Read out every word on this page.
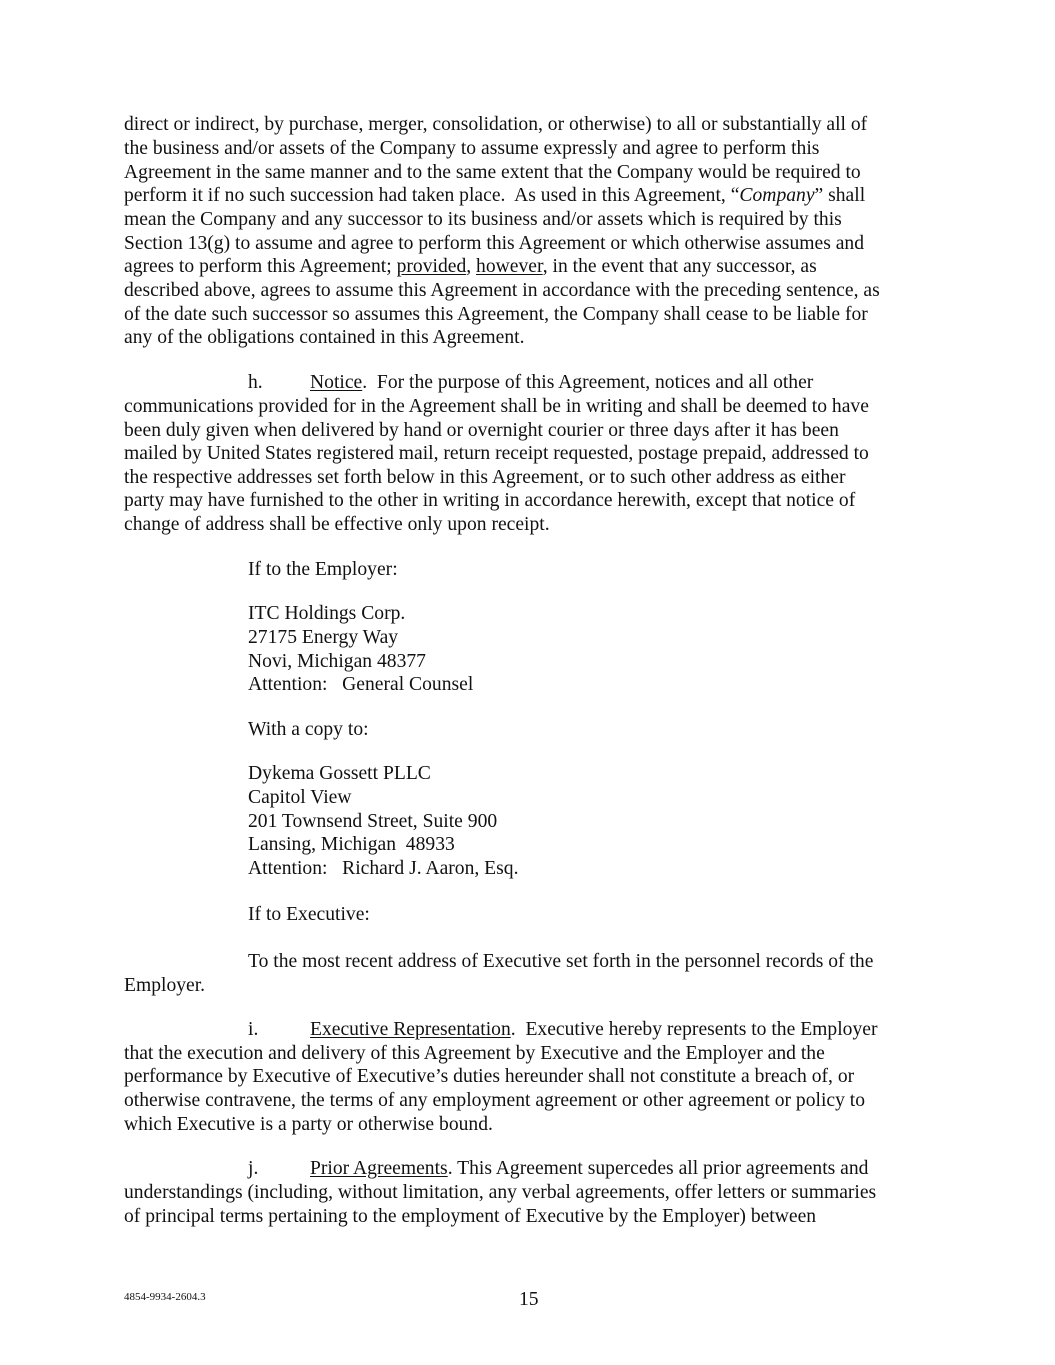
direct or indirect, by purchase, merger, consolidation, or otherwise) to all or substantially all of
the business and/or assets of the Company to assume expressly and agree to perform this
Agreement in the same manner and to the same extent that the Company would be required to
perform it if no such succession had taken place.  As used in this Agreement, “Company” shall
mean the Company and any successor to its business and/or assets which is required by this
Section 13(g) to assume and agree to perform this Agreement or which otherwise assumes and
agrees to perform this Agreement; provided, however, in the event that any successor, as
described above, agrees to assume this Agreement in accordance with the preceding sentence, as
of the date such successor so assumes this Agreement, the Company shall cease to be liable for
any of the obligations contained in this Agreement.
h. Notice.  For the purpose of this Agreement, notices and all other
communications provided for in the Agreement shall be in writing and shall be deemed to have
been duly given when delivered by hand or overnight courier or three days after it has been
mailed by United States registered mail, return receipt requested, postage prepaid, addressed to
the respective addresses set forth below in this Agreement, or to such other address as either
party may have furnished to the other in writing in accordance herewith, except that notice of
change of address shall be effective only upon receipt.
If to the Employer:
ITC Holdings Corp.
27175 Energy Way
Novi, Michigan 48377
Attention:   General Counsel
With a copy to:
Dykema Gossett PLLC
Capitol View
201 Townsend Street, Suite 900
Lansing, Michigan  48933
Attention:   Richard J. Aaron, Esq.
If to Executive:
To the most recent address of Executive set forth in the personnel records of the
Employer.
i.	Executive Representation.  Executive hereby represents to the Employer
that the execution and delivery of this Agreement by Executive and the Employer and the
performance by Executive of Executive’s duties hereunder shall not constitute a breach of, or
otherwise contravene, the terms of any employment agreement or other agreement or policy to
which Executive is a party or otherwise bound.
j.	Prior Agreements. This Agreement supercedes all prior agreements and
understandings (including, without limitation, any verbal agreements, offer letters or summaries
of principal terms pertaining to the employment of Executive by the Employer) between
4854-9934-2604.3	15
